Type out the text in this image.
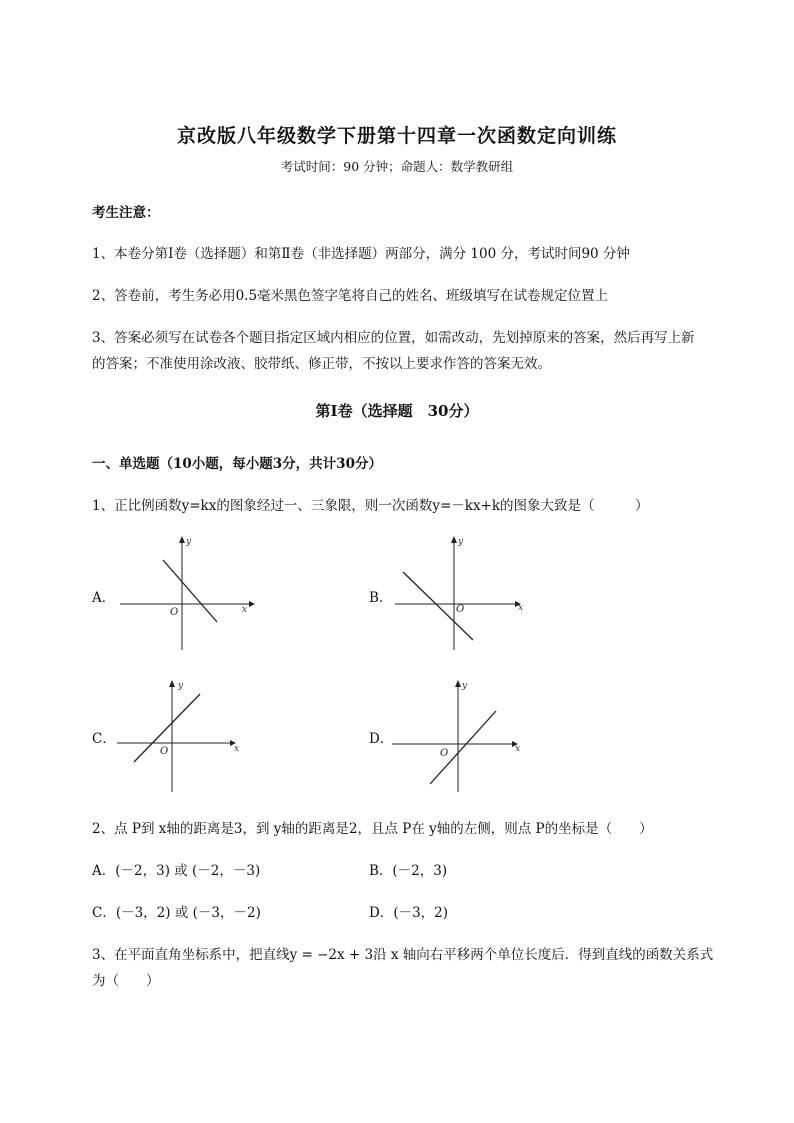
京改版八年级数学下册第十四章一次函数定向训练
考试时间：90 分钟；命题人：数学教研组
考生注意：
1、本卷分第Ⅰ卷（选择题）和第Ⅱ卷（非选择题）两部分，满分 100 分，考试时间90 分钟
2、答卷前，考生务必用0.5毫米黑色签字笔将自己的姓名、班级填写在试卷规定位置上
3、答案必须写在试卷各个题目指定区域内相应的位置，如需改动，先划掉原来的答案，然后再写上新
的答案；不准使用涂改液、胶带纸、修正带，不按以上要求作答的答案无效。
第Ⅰ卷（选择题　30分）
一、单选题（10小题，每小题3分，共计30分）
1、正比例函数y=kx的图象经过一、三象限，则一次函数y=－kx+k的图象大致是（　　　）
A．	B．
C．	D．
x
y
O	x
y
O
x
y
O	x
y
O
2、点 P到 x轴的距离是3，到 y轴的距离是2，且点 P在 y轴的左侧，则点 P的坐标是（　　）
A．(－2，3) 或 (－2，－3)	B．(－2，3)
C．(－3，2) 或 (－3，－2)	D．(－3，2)
3、在平面直角坐标系中，把直线y = −2x + 3沿 x 轴向右平移两个单位长度后．得到直线的函数关系式
为（　　）
